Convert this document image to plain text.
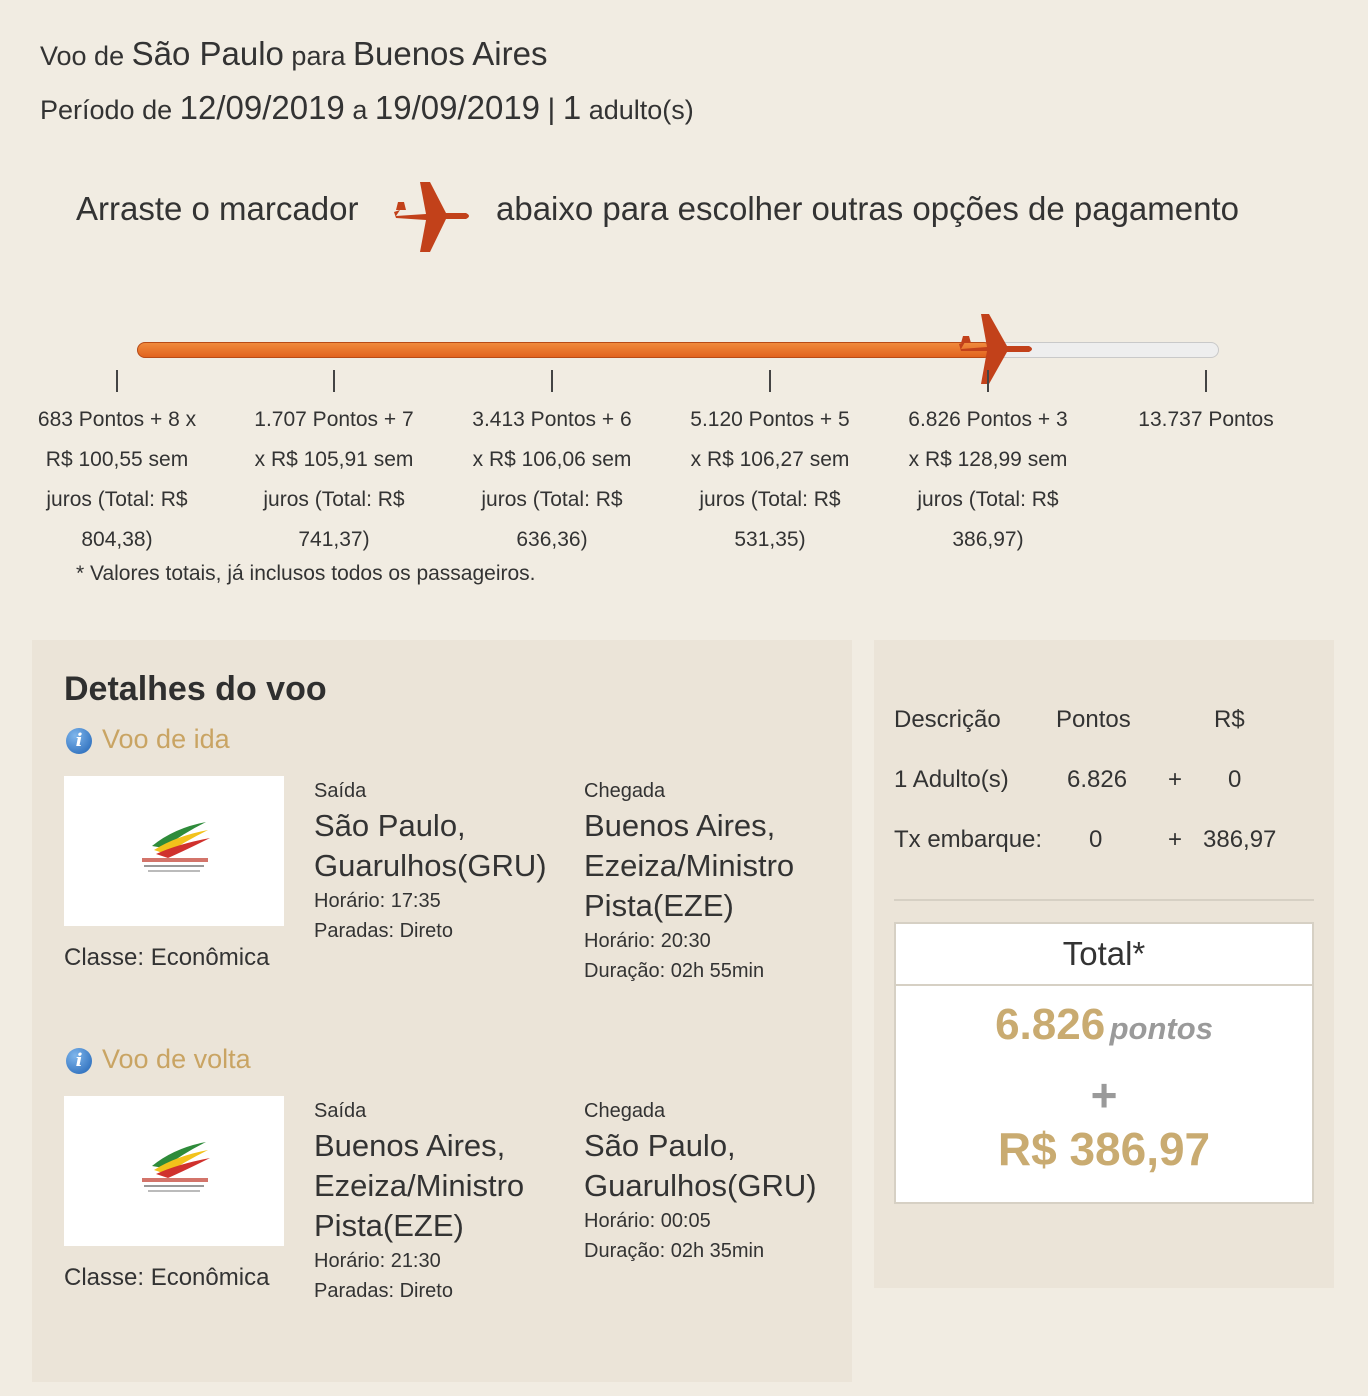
Voo de São Paulo para Buenos Aires
Período de 12/09/2019 a 19/09/2019 | 1 adulto(s)
Arraste o marcador	abaixo para escolher outras opções de pagamento
683 Pontos + 8 x
R$ 100,55 sem
juros (Total: R$
804,38)
1.707 Pontos + 7
x R$ 105,91 sem
juros (Total: R$
741,37)
3.413 Pontos + 6
x R$ 106,06 sem
juros (Total: R$
636,36)
5.120 Pontos + 5
x R$ 106,27 sem
juros (Total: R$
531,35)
6.826 Pontos + 3
x R$ 128,99 sem
juros (Total: R$
386,97)
13.737 Pontos
* Valores totais, já inclusos todos os passageiros.
Detalhes do voo
i Voo de ida
Classe: Econômica
Saída
São Paulo, Guarulhos(GRU)
Horário: 17:35
Paradas: Direto
Chegada
Buenos Aires, Ezeiza/Ministro Pista(EZE)
Horário: 20:30
Duração: 02h 55min
i Voo de volta
Classe: Econômica
Saída
Buenos Aires, Ezeiza/Ministro Pista(EZE)
Horário: 21:30
Paradas: Direto
Chegada
São Paulo, Guarulhos(GRU)
Horário: 00:05
Duração: 02h 35min
Descrição Pontos	R$
1 Adulto(s) 6.826 + 0
Tx embarque: 0	+ 386,97
Total*
6.826 pontos
+
R$ 386,97
